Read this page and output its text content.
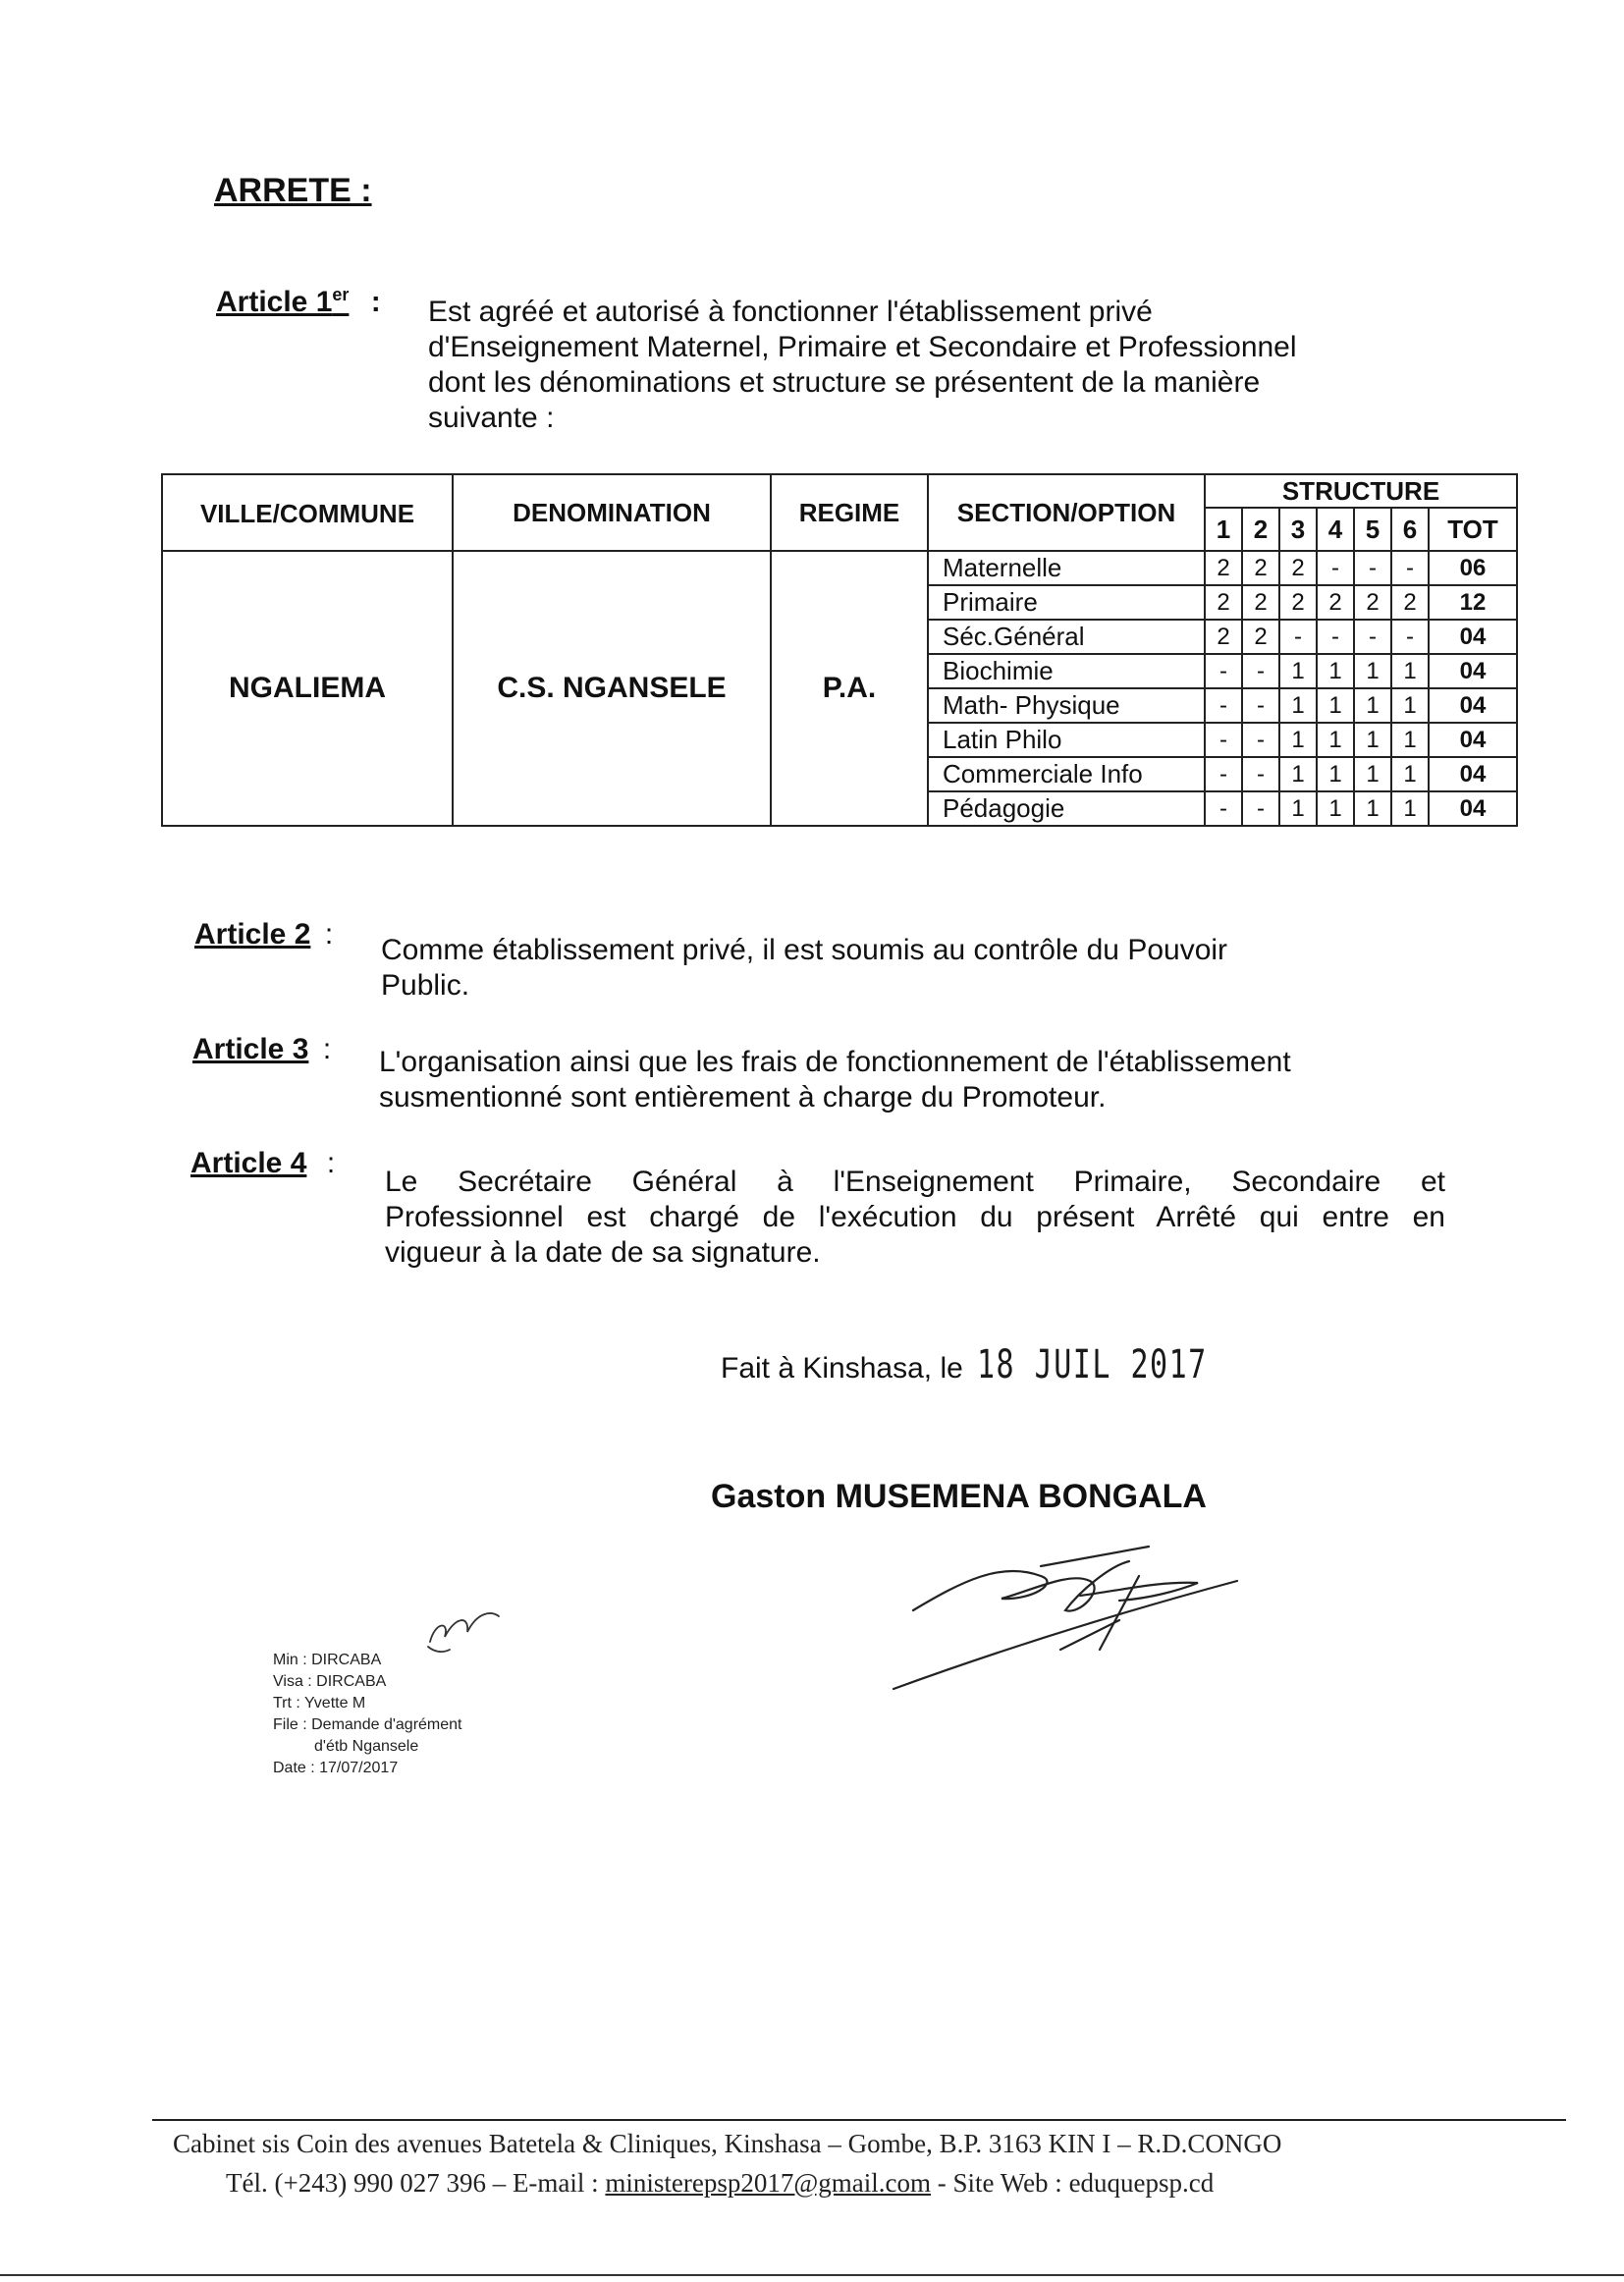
ARRETE :
Article 1er : Est agréé et autorisé à fonctionner l'établissement privé
d'Enseignement Maternel, Primaire et Secondaire et Professionnel
dont les dénominations et structure se présentent de la manière
suivante :
VILLE/COMMUNE	DENOMINATION	REGIME	SECTION/OPTION	STRUCTURE						
				1	2	3	4	5	6	TOT
NGALIEMA	C.S. NGANSELE	P.A.	Maternelle	2	2	2	-	-	-	06
			Primaire	2	2	2	2	2	2	12
			Séc.Général	2	2	-	-	-	-	04
			Biochimie	-	-	1	1	1	1	04
			Math- Physique	-	-	1	1	1	1	04
			Latin Philo	-	-	1	1	1	1	04
			Commerciale Info	-	-	1	1	1	1	04
			Pédagogie	-	-	1	1	1	1	04
Article 2 : Comme établissement privé, il est soumis au contrôle du Pouvoir
Public.
Article 3 : L'organisation ainsi que les frais de fonctionnement de l'établissement
susmentionné sont entièrement à charge du Promoteur.
Article 4 :
Le Secrétaire Général à l'Enseignement Primaire, Secondaire et
Professionnel est chargé de l'exécution du présent Arrêté qui entre en
vigueur à la date de sa signature.
Fait à Kinshasa, le 18 JUIL 2017
Gaston MUSEMENA BONGALA
Min : DIRCABA
Visa : DIRCABA
Trt : Yvette M
File : Demande d'agrément
d'étb Ngansele
Date : 17/07/2017
Cabinet sis Coin des avenues Batetela & Cliniques, Kinshasa – Gombe, B.P. 3163 KIN I – R.D.CONGO
Tél. (+243) 990 027 396 – E-mail : ministerepsp2017@gmail.com - Site Web : eduquepsp.cd
